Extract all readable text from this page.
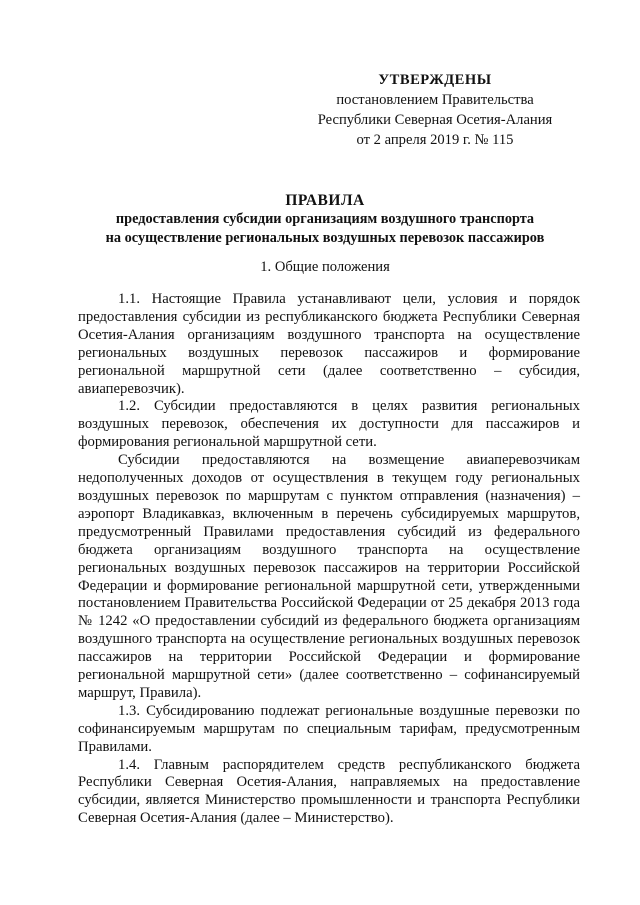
УТВЕРЖДЕНЫ
постановлением Правительства
Республики Северная Осетия-Алания
от 2 апреля 2019 г. № 115
ПРАВИЛА
предоставления субсидии организациям воздушного транспорта
на осуществление региональных воздушных перевозок пассажиров
1. Общие положения

1.1. Настоящие Правила устанавливают цели, условия и порядок предоставления субсидии из республиканского бюджета Республики Северная Осетия-Алания организациям воздушного транспорта на осуществление региональных воздушных перевозок пассажиров и формирование региональной маршрутной сети (далее соответственно – субсидия, авиаперевозчик).

1.2. Субсидии предоставляются в целях развития региональных воздушных перевозок, обеспечения их доступности для пассажиров и формирования региональной маршрутной сети.

Субсидии предоставляются на возмещение авиаперевозчикам недополученных доходов от осуществления в текущем году региональных воздушных перевозок по маршрутам с пунктом отправления (назначения) – аэропорт Владикавказ, включенным в перечень субсидируемых маршрутов, предусмотренный Правилами предоставления субсидий из федерального бюджета организациям воздушного транспорта на осуществление региональных воздушных перевозок пассажиров на территории Российской Федерации и формирование региональной маршрутной сети, утвержденными постановлением Правительства Российской Федерации от 25 декабря 2013 года № 1242 «О предоставлении субсидий из федерального бюджета организациям воздушного транспорта на осуществление региональных воздушных перевозок пассажиров на территории Российской Федерации и формирование региональной маршрутной сети» (далее соответственно – софинансируемый маршрут, Правила).

1.3. Субсидированию подлежат региональные воздушные перевозки по софинансируемым маршрутам по специальным тарифам, предусмотренным Правилами.

1.4. Главным распорядителем средств республиканского бюджета Республики Северная Осетия-Алания, направляемых на предоставление субсидии, является Министерство промышленности и транспорта Республики Северная Осетия-Алания (далее – Министерство).
